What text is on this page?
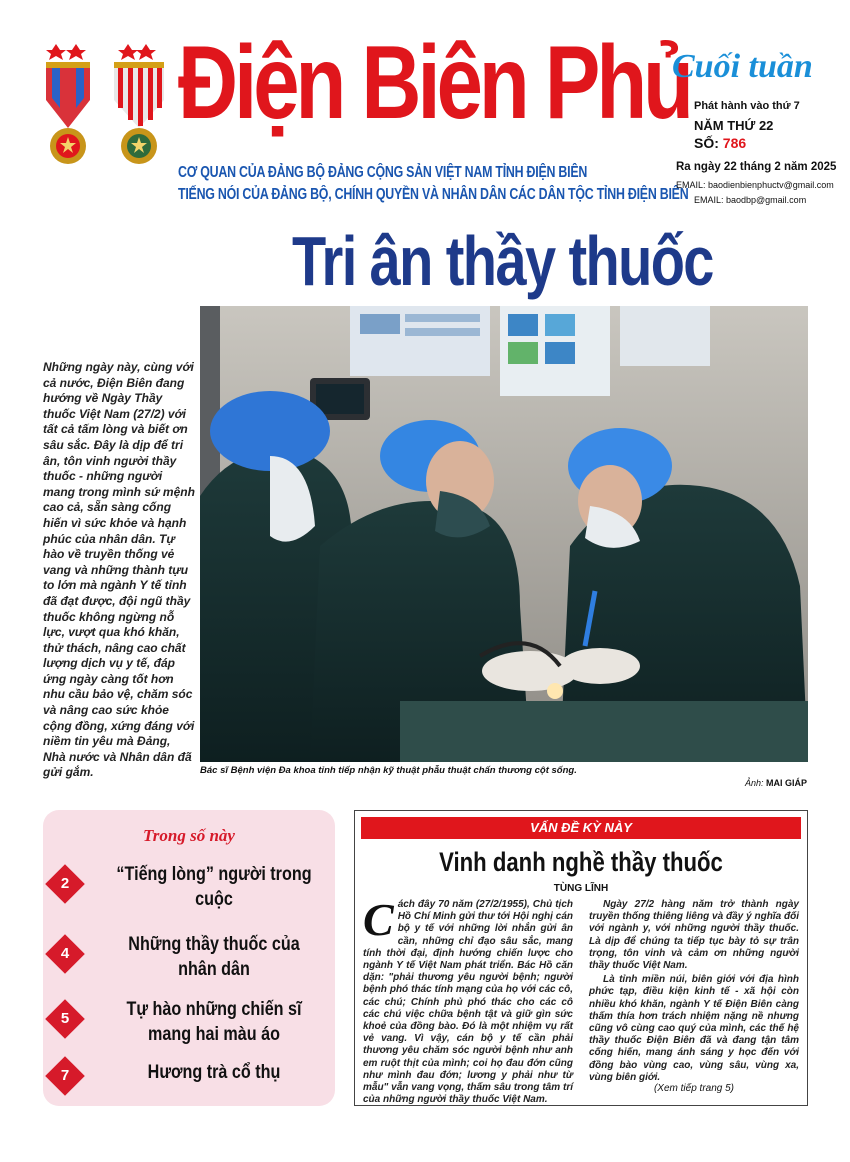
Điện Biên Phủ
CƠ QUAN CỦA ĐẢNG BỘ ĐẢNG CỘNG SẢN VIỆT NAM TỈNH ĐIỆN BIÊN
TIẾNG NÓI CỦA ĐẢNG BỘ, CHÍNH QUYỀN VÀ NHÂN DÂN CÁC DÂN TỘC TỈNH ĐIỆN BIÊN
Cuối tuần
Phát hành vào thứ 7
NĂM THỨ 22
SỐ: 786
Ra ngày 22 tháng 2 năm 2025
EMAIL: baodienbienphuctv@gmail.com
EMAIL: baodbp@gmail.com
Tri ân thầy thuốc
Những ngày này, cùng với cả nước, Điện Biên đang hướng về Ngày Thầy thuốc Việt Nam (27/2) với tất cả tấm lòng và biết ơn sâu sắc. Đây là dịp để tri ân, tôn vinh người thầy thuốc - những người mang trong mình sứ mệnh cao cả, sẵn sàng cống hiến vì sức khỏe và hạnh phúc của nhân dân. Tự hào về truyền thống vẻ vang và những thành tựu to lớn mà ngành Y tế tỉnh đã đạt được, đội ngũ thầy thuốc không ngừng nỗ lực, vượt qua khó khăn, thử thách, nâng cao chất lượng dịch vụ y tế, đáp ứng ngày càng tốt hơn nhu cầu bảo vệ, chăm sóc và nâng cao sức khỏe cộng đồng, xứng đáng với niềm tin yêu mà Đảng, Nhà nước và Nhân dân đã gửi gắm.	Bác sĩ Bệnh viện Đa khoa tỉnh tiếp nhận kỹ thuật phẫu thuật chấn thương cột sống.
Ảnh: MAI GIÁP
Trong số này
2	“Tiếng lòng” người trong cuộc
4	Những thầy thuốc của nhân dân
5	Tự hào những chiến sĩ mang hai màu áo
7	Hương trà cổ thụ
VẤN ĐỀ KỲ NÀY
Vinh danh nghề thầy thuốc
TÙNG LĨNH
Cách đây 70 năm (27/2/1955), Chủ tịch Hồ Chí Minh gửi thư tới Hội nghị cán bộ y tế với những lời nhắn gửi ân cần, những chỉ đạo sâu sắc, mang tính thời đại, định hướng chiến lược cho ngành Y tế Việt Nam phát triển. Bác Hồ căn dặn: "phải thương yêu người bệnh; người bệnh phó thác tính mạng của họ với các cô, các chú; Chính phủ phó thác cho các cô các chú việc chữa bệnh tật và giữ gìn sức khoẻ của đồng bào. Đó là một nhiệm vụ rất vẻ vang. Vì vậy, cán bộ y tế cần phải thương yêu chăm sóc người bệnh như anh em ruột thịt của mình; coi họ đau đớn cũng như mình đau đớn; lương y phải như từ mẫu" vẫn vang vọng, thấm sâu trong tâm trí của những người thầy thuốc Việt Nam.

Ngày 27/2 hàng năm trở thành ngày truyền thống thiêng liêng và đầy ý nghĩa đối với ngành y, với những người thầy thuốc. Là dịp để chúng ta tiếp tục bày tỏ sự trân trọng, tôn vinh và cảm ơn những người thầy thuốc Việt Nam.

Là tỉnh miền núi, biên giới với địa hình phức tạp, điều kiện kinh tế - xã hội còn nhiều khó khăn, ngành Y tế Điện Biên càng thấm thía hơn trách nhiệm nặng nề nhưng cũng vô cùng cao quý của mình, các thế hệ thầy thuốc Điện Biên đã và đang tận tâm cống hiến, mang ánh sáng y học đến với đồng bào vùng cao, vùng sâu, vùng xa, vùng biên giới.

(Xem tiếp trang 5)
